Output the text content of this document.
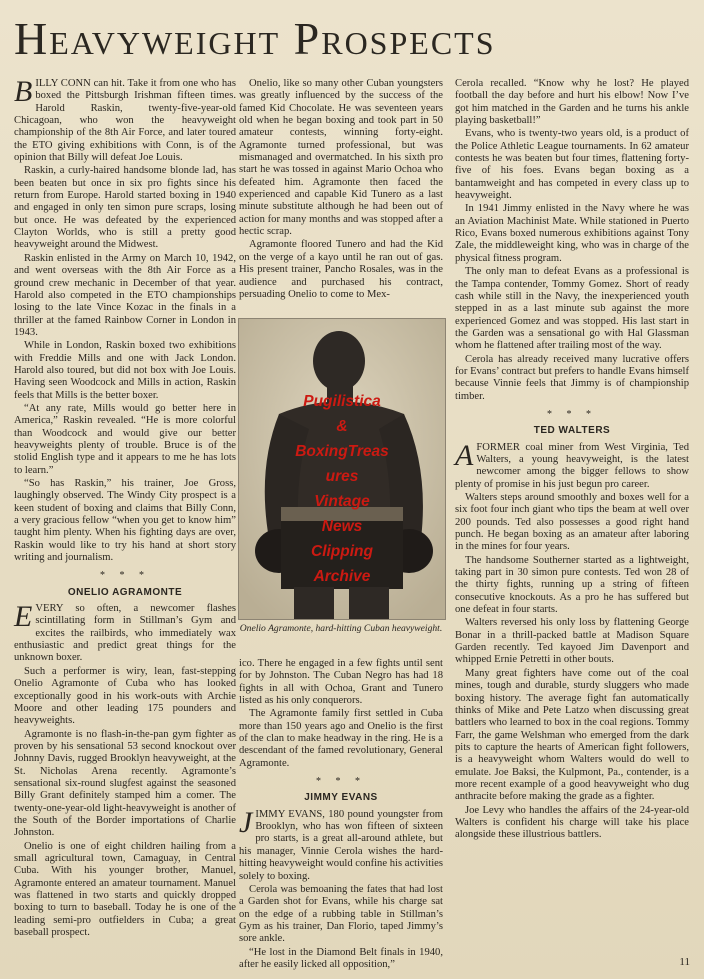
Heavyweight Prospects

BILLY CONN can hit. Take it from one who has boxed the Pittsburgh Irishman fifteen times. Harold Raskin, twenty-five-year-old Chicagoan, who won the heavyweight championship of the 8th Air Force, and later toured the ETO giving exhibitions with Conn, is of the opinion that Billy will defeat Joe Louis.

Raskin, a curly-haired handsome blonde lad, has been beaten but once in six pro fights since his return from Europe. Harold started boxing in 1940 and engaged in only ten simon pure scraps, losing but once. He was defeated by the experienced Clayton Worlds, who is still a pretty good heavyweight around the Midwest.

Raskin enlisted in the Army on March 10, 1942, and went overseas with the 8th Air Force as a ground crew mechanic in December of that year. Harold also competed in the ETO championships losing to the late Vince Kozac in the finals in a thriller at the famed Rainbow Corner in London in 1943.

While in London, Raskin boxed two exhibitions with Freddie Mills and one with Jack London. Harold also toured, but did not box with Joe Louis. Having seen Woodcock and Mills in action, Raskin feels that Mills is the better boxer.

“At any rate, Mills would go better here in America,” Raskin revealed. “He is more colorful than Woodcock and would give our better heavyweights plenty of trouble. Bruce is of the stolid English type and it appears to me he has lots to learn.”

“So has Raskin,” his trainer, Joe Gross, laughingly observed. The Windy City prospect is a keen student of boxing and claims that Billy Conn, a very gracious fellow “when you get to know him” taught him plenty. When his fighting days are over, Raskin would like to try his hand at short story writing and journalism.

* * *
ONELIO AGRAMONTE

EVERY so often, a newcomer flashes scintillating form in Stillman’s Gym and excites the railbirds, who immediately wax enthusiastic and predict great things for the unknown boxer.

Such a performer is wiry, lean, fast-stepping Onelio Agramonte of Cuba who has looked exceptionally good in his work-outs with Archie Moore and other leading 175 pounders and heavyweights.

Agramonte is no flash-in-the-pan gym fighter as proven by his sensational 53 second knockout over Johnny Davis, rugged Brooklyn heavyweight, at the St. Nicholas Arena recently. Agramonte’s sensational six-round slugfest against the seasoned Billy Grant definitely stamped him a comer. The twenty-one-year-old light-heavyweight is another of the South of the Border importations of Charlie Johnston.

Onelio is one of eight children hailing from a small agricultural town, Camaguay, in Central Cuba. With his younger brother, Manuel, Agramonte entered an amateur tournament. Manuel was flattened in two starts and quickly dropped boxing to turn to baseball. Today he is one of the leading semi-pro outfielders in Cuba; a great baseball prospect.

Onelio, like so many other Cuban youngsters was greatly influenced by the success of the famed Kid Chocolate. He was seventeen years old when he began boxing and took part in 50 amateur contests, winning forty-eight. Agramonte turned professional, but was mismanaged and overmatched. In his sixth pro start he was tossed in against Mario Ochoa who defeated him. Agramonte then faced the experienced and capable Kid Tunero as a last minute substitute although he had been out of action for many months and was stopped after a hectic scrap.

Agramonte floored Tunero and had the Kid on the verge of a kayo until he ran out of gas. His present trainer, Pancho Rosales, was in the audience and purchased his contract, persuading Onelio to come to Mex-

Pugilistica
&
BoxingTreas
ures
Vintage
News
Clipping
Archive
Onelio Agramonte, hard-hitting Cuban heavyweight.

ico. There he engaged in a few fights until sent for by Johnston. The Cuban Negro has had 18 fights in all with Ochoa, Grant and Tunero listed as his only conquerors.

The Agramonte family first settled in Cuba more than 150 years ago and Onelio is the first of the clan to make headway in the ring. He is a descendant of the famed revolutionary, General Agramonte.

* * *
JIMMY EVANS

JIMMY EVANS, 180 pound youngster from Brooklyn, who has won fifteen of sixteen pro starts, is a great all-around athlete, but his manager, Vinnie Cerola wishes the hard-hitting heavyweight would confine his activities solely to boxing.

Cerola was bemoaning the fates that had lost a Garden shot for Evans, while his charge sat on the edge of a rubbing table in Stillman’s Gym as his trainer, Dan Florio, taped Jimmy’s sore ankle.

“He lost in the Diamond Belt finals in 1940, after he easily licked all opposition,”

Cerola recalled. “Know why he lost? He played football the day before and hurt his elbow! Now I’ve got him matched in the Garden and he turns his ankle playing basketball!”

Evans, who is twenty-two years old, is a product of the Police Athletic League tournaments. In 62 amateur contests he was beaten but four times, flattening forty-five of his foes. Evans began boxing as a bantamweight and has competed in every class up to heavyweight.

In 1941 Jimmy enlisted in the Navy where he was an Aviation Machinist Mate. While stationed in Puerto Rico, Evans boxed numerous exhibitions against Tony Zale, the middleweight king, who was in charge of the physical fitness program.

The only man to defeat Evans as a professional is the Tampa contender, Tommy Gomez. Short of ready cash while still in the Navy, the inexperienced youth stepped in as a last minute sub against the more experienced Gomez and was stopped. His last start in the Garden was a sensational go with Hal Glassman whom he flattened after trailing most of the way.

Cerola has already received many lucrative offers for Evans’ contract but prefers to handle Evans himself because Vinnie feels that Jimmy is of championship timber.

* * *
TED WALTERS

AFORMER coal miner from West Virginia, Ted Walters, a young heavyweight, is the latest newcomer among the bigger fellows to show plenty of promise in his just begun pro career.

Walters steps around smoothly and boxes well for a six foot four inch giant who tips the beam at well over 200 pounds. Ted also possesses a good right hand punch. He began boxing as an amateur after laboring in the mines for four years.

The handsome Southerner started as a lightweight, taking part in 30 simon pure contests. Ted won 28 of the thirty fights, running up a string of fifteen consecutive knockouts. As a pro he has suffered but one defeat in four starts.

Walters reversed his only loss by flattening George Bonar in a thrill-packed battle at Madison Square Garden recently. Ted kayoed Jim Davenport and whipped Ernie Petretti in other bouts.

Many great fighters have come out of the coal mines, tough and durable, sturdy sluggers who made boxing history. The average fight fan automatically thinks of Mike and Pete Latzo when discussing great battlers who learned to box in the coal regions. Tommy Farr, the game Welshman who emerged from the dark pits to capture the hearts of American fight followers, is a heavyweight whom Walters would do well to emulate. Joe Baksi, the Kulpmont, Pa., contender, is a more recent example of a good heavyweight who dug anthracite before making the grade as a fighter.

Joe Levy who handles the affairs of the 24-year-old Walters is confident his charge will take his place alongside these illustrious battlers.

11
